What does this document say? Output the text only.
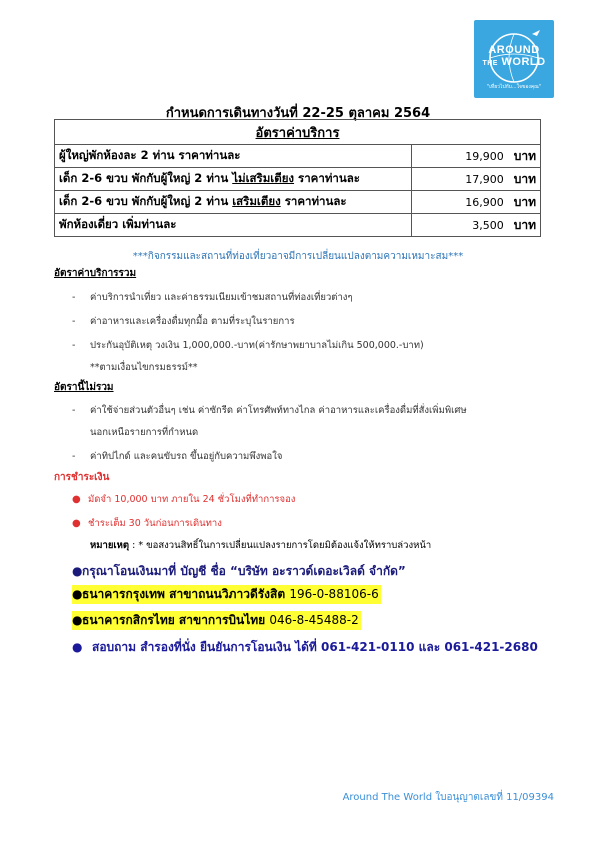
AROUND
THE WORLD
"เที่ยวไปกับ...ใจของคุณ"
กำหนดการเดินทางวันที่ 22-25 ตุลาคม 2564
อัตราค่าบริการ	
ผู้ใหญ่พักห้องละ 2 ท่าน ราคาท่านละ	19,900 บาท
เด็ก 2-6 ขวบ พักกับผู้ใหญ่ 2 ท่าน ไม่เสริมเตียง ราคาท่านละ	17,900 บาท
เด็ก 2-6 ขวบ พักกับผู้ใหญ่ 2 ท่าน เสริมเตียง ราคาท่านละ	16,900 บาท
พักห้องเดี่ยว เพิ่มท่านละ	3,500 บาท
***กิจกรรมและสถานที่ท่องเที่ยวอาจมีการเปลี่ยนแปลงตามความเหมาะสม***
อัตราค่าบริการรวม
- ค่าบริการนำเที่ยว และค่าธรรมเนียมเข้าชมสถานที่ท่องเที่ยวต่างๆ
- ค่าอาหารและเครื่องดื่มทุกมื้อ ตามที่ระบุในรายการ
- ประกันอุบัติเหตุ วงเงิน 1,000,000.-บาท(ค่ารักษาพยาบาลไม่เกิน 500,000.-บาท)
**ตามเงื่อนไขกรมธรรม์**
อัตรานี้ไม่รวม
- ค่าใช้จ่ายส่วนตัวอื่นๆ เช่น ค่าซักรีด ค่าโทรศัพท์ทางไกล ค่าอาหารและเครื่องดื่มที่สั่งเพิ่มพิเศษ
นอกเหนือรายการที่กำหนด
- ค่าทิปไกด์ และคนขับรถ ขึ้นอยู่กับความพึงพอใจ
การชำระเงิน
● มัดจำ 10,000 บาท ภายใน 24 ชั่วโมงที่ทำการจอง
● ชำระเต็ม 30 วันก่อนการเดินทาง
หมายเหตุ : * ขอสงวนสิทธิ์ในการเปลี่ยนแปลงรายการโดยมิต้องแจ้งให้ทราบล่วงหน้า
●กรุณาโอนเงินมาที่ บัญชี ชื่อ “บริษัท อะราวด์เดอะเวิลด์ จำกัด”
●ธนาคารกรุงเทพ สาขาถนนวิภาวดีรังสิต 196-0-88106-6
●ธนาคารกสิกรไทย สาขาการบินไทย 046-8-45488-2
● สอบถาม สำรองที่นั่ง ยืนยันการโอนเงิน ได้ที่ 061-421-0110 และ 061-421-2680
Around The World ใบอนุญาตเลขที่ 11/09394
